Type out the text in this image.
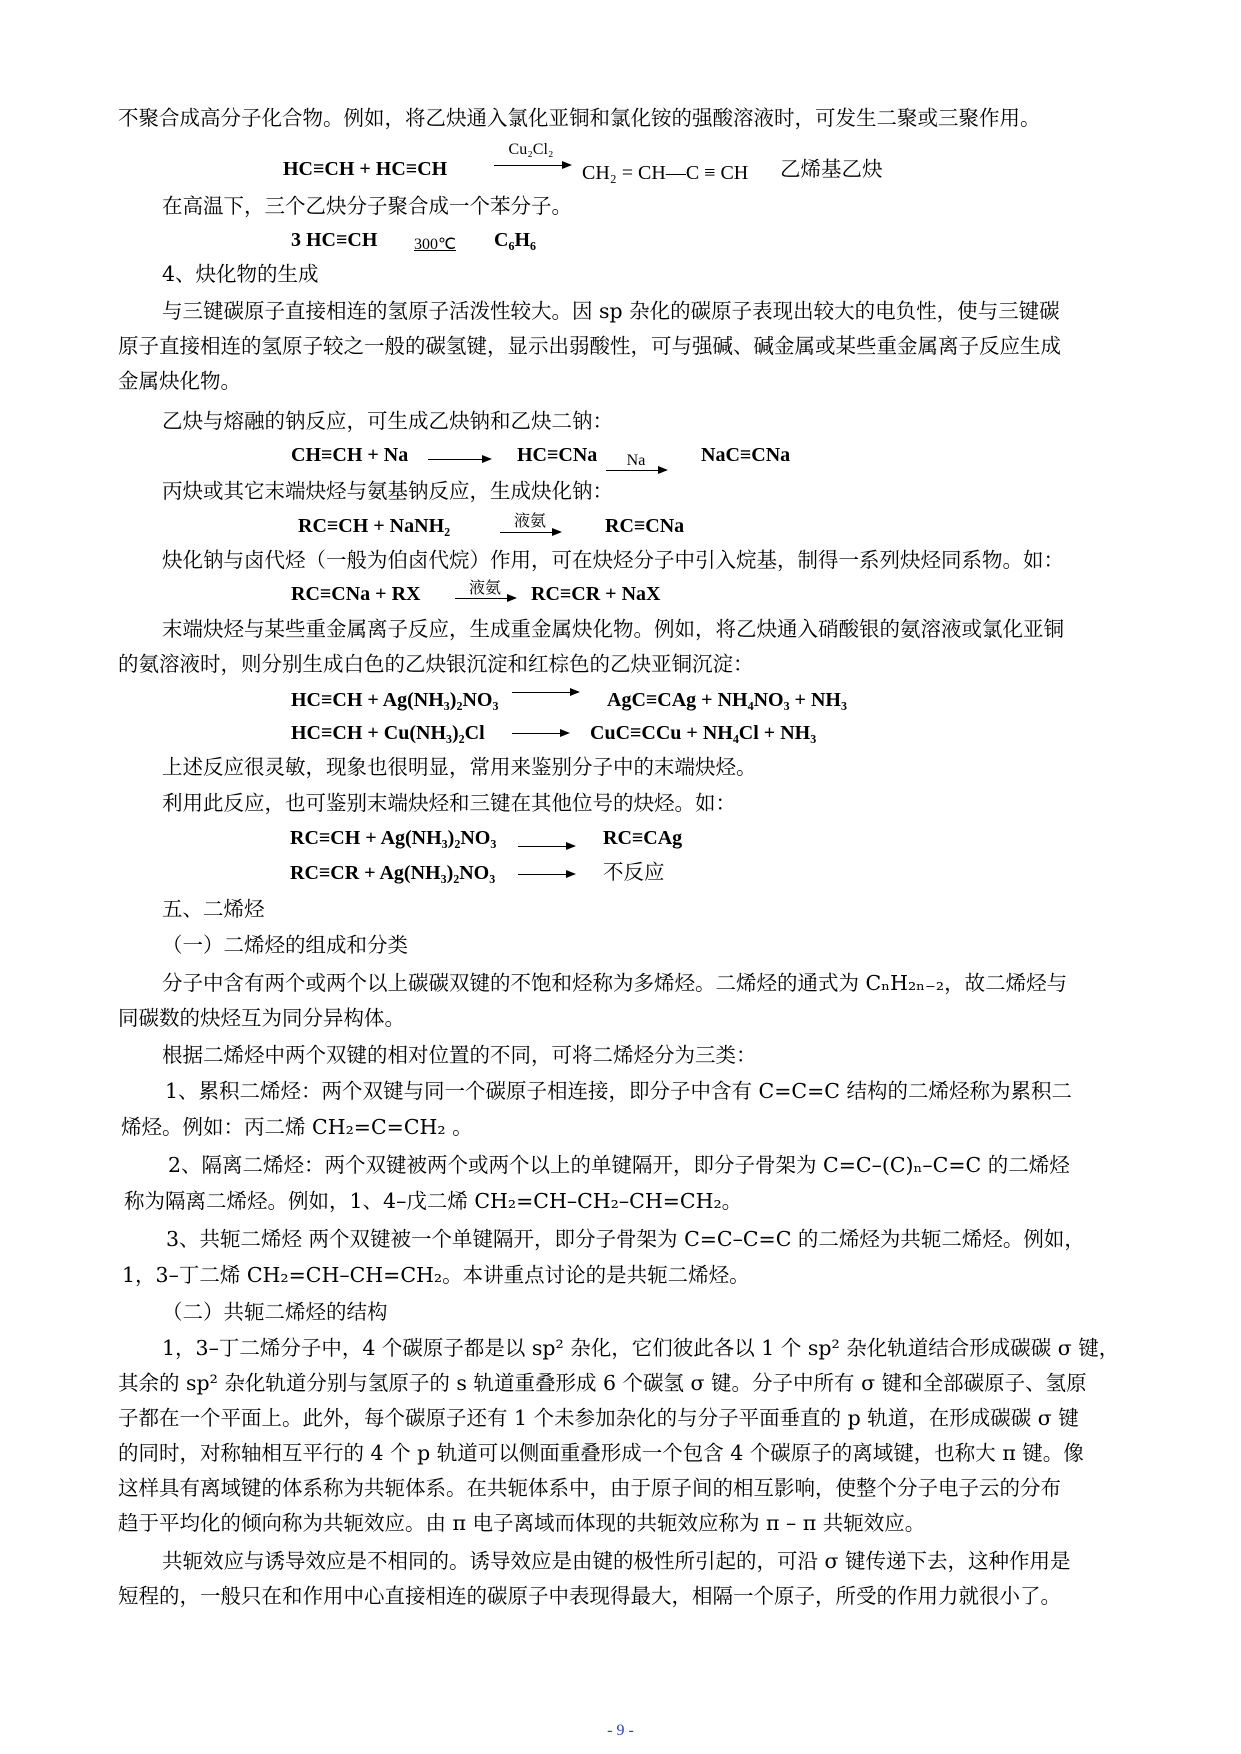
不聚合成高分子化合物。例如，将乙炔通入氯化亚铜和氯化铵的强酸溶液时，可发生二聚或三聚作用。
HC≡CH + HC≡CH
Cu₂Cl₂
CH₂ = CH—C ≡ CH 乙烯基乙炔
在高温下，三个乙炔分子聚合成一个苯分子。
3 HC≡CH	300℃	C₆H₆
4、炔化物的生成
与三键碳原子直接相连的氢原子活泼性较大。因 sp 杂化的碳原子表现出较大的电负性，使与三键碳
原子直接相连的氢原子较之一般的碳氢键，显示出弱酸性，可与强碱、碱金属或某些重金属离子反应生成
金属炔化物。
乙炔与熔融的钠反应，可生成乙炔钠和乙炔二钠：
CH≡CH + Na → HC≡CNa	Na	NaC≡CNa
丙炔或其它末端炔烃与氨基钠反应，生成炔化钠：
RC≡CH + NaNH₂	液氨	RC≡CNa
炔化钠与卤代烃（一般为伯卤代烷）作用，可在炔烃分子中引入烷基，制得一系列炔烃同系物。如：
RC≡CNa + RX	液氨 → RC≡CR + NaX
末端炔烃与某些重金属离子反应，生成重金属炔化物。例如，将乙炔通入硝酸银的氨溶液或氯化亚铜
的氨溶液时，则分别生成白色的乙炔银沉淀和红棕色的乙炔亚铜沉淀：
HC≡CH + Ag(NH₃)₂NO₃	AgC≡CAg + NH₄NO₃ + NH₃
HC≡CH + Cu(NH₃)₂Cl → CuC≡CCu + NH₄Cl + NH₃
上述反应很灵敏，现象也很明显，常用来鉴别分子中的末端炔烃。
利用此反应，也可鉴别末端炔烃和三键在其他位号的炔烃。如：
RC≡CH + Ag(NH₃)₂NO₃ → RC≡CAg
RC≡CR + Ag(NH₃)₂NO₃ → 不反应
五、二烯烃
（一）二烯烃的组成和分类
分子中含有两个或两个以上碳碳双键的不饱和烃称为多烯烃。二烯烃的通式为 CₙH₂ₙ₋₂，故二烯烃与
同碳数的炔烃互为同分异构体。
根据二烯烃中两个双键的相对位置的不同，可将二烯烃分为三类：
1、累积二烯烃：两个双键与同一个碳原子相连接，即分子中含有 C=C=C 结构的二烯烃称为累积二
烯烃。例如：丙二烯 CH₂=C=CH₂ 。
2、隔离二烯烃：两个双键被两个或两个以上的单键隔开，即分子骨架为 C=C–(C)ₙ–C=C 的二烯烃
称为隔离二烯烃。例如，1、4–戊二烯 CH₂=CH–CH₂–CH=CH₂。
3、共轭二烯烃 两个双键被一个单键隔开，即分子骨架为 C=C–C=C 的二烯烃为共轭二烯烃。例如，
1，3–丁二烯 CH₂=CH–CH=CH₂。本讲重点讨论的是共轭二烯烃。
（二）共轭二烯烃的结构
1，3–丁二烯分子中，4 个碳原子都是以 sp² 杂化，它们彼此各以 1 个 sp² 杂化轨道结合形成碳碳 σ 键，
其余的 sp² 杂化轨道分别与氢原子的 s 轨道重叠形成 6 个碳氢 σ 键。分子中所有 σ 键和全部碳原子、氢原
子都在一个平面上。此外，每个碳原子还有 1 个未参加杂化的与分子平面垂直的 p 轨道，在形成碳碳 σ 键
的同时，对称轴相互平行的 4 个 p 轨道可以侧面重叠形成一个包含 4 个碳原子的离域键，也称大 π 键。像
这样具有离域键的体系称为共轭体系。在共轭体系中，由于原子间的相互影响，使整个分子电子云的分布
趋于平均化的倾向称为共轭效应。由 π 电子离域而体现的共轭效应称为 π – π 共轭效应。
共轭效应与诱导效应是不相同的。诱导效应是由键的极性所引起的，可沿 σ 键传递下去，这种作用是
短程的，一般只在和作用中心直接相连的碳原子中表现得最大，相隔一个原子，所受的作用力就很小了。
- 9 -
